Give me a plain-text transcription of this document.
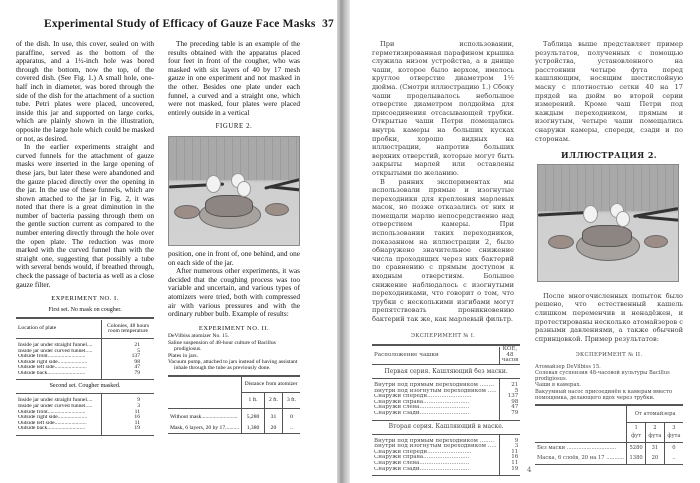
Experimental Study of Efficacy of Gauze Face Masks 37

of the dish. In use, this cover, sealed on with paraffine, served as the bottom of the apparatus, and a 1½-inch hole was bored through the bottom, now the top, of the covered dish. (See Fig. 1.) A small hole, one-half inch in diameter, was bored through the side of the dish for the attachment of a suction tube. Petri plates were placed, uncovered, inside this jar and supported on large corks, which are plainly shown in the illustration, opposite the large hole which could be masked or not, as desired.

In the earlier experiments straight and curved funnels for the attachment of gauze masks were inserted in the large opening of these jars, but later these were abandoned and the gauze placed directly over the opening in the jar. In the use of these funnels, which are shown attached to the jar in Fig. 2, it was noted that there is a great diminution in the number of bacteria passing through them on the gentle suction current as compared to the number entering directly through the hole over the open plate. The reduction was more marked with the curved funnel than with the straight one, suggesting that possibly a tube with several bends would, if breathed through, check the passage of bacteria as well as a close gauze filter.

EXPERIMENT NO. I.
First set. No mask on cougher.

Location of plate	Colonies, 48 hours room temperature
Inside jar under straight funnel....	21
Inside jar under curved funnel.....	5
Outside front...........................	137
Outside right side.....................	98
Outside left side.......................	47
Outside back...........................	79
Second set. Cougher masked.	
Inside jar under straight funnel....	9
Inside jar under curved funnel.....	3
Outside front...........................	11
Outside right side.....................	16
Outside left side.......................	11
Outside back...........................	19

The preceding table is an example of the results obtained with the apparatus placed four feet in front of the cougher, who was masked with six layers of 40 by 17 mesh gauze in one experiment and not masked in the other. Besides one plate under each funnel, a curved and a straight one, which were not masked, four plates were placed entirely outside in a vertical

FIGURE 2.

position, one in front of, one behind, and one on each side of the jar.

After numerous other experiments, it was decided that the coughing process was too variable and uncertain, and various types of atomizers were tried, both with compressed air with various pressures and with the ordinary rubber bulb. Example of results:

EXPERIMENT NO. II.

DeVilbiss atomizer No. 15.

Saline suspension of 48-hour culture of Bacillus prodigiosus.

Plates in jars.

Vacuum pump, attached to jars instead of having assistant inhale through the tube as previously done.

	Distance from atomizer		
	1 ft.	2 ft.	3 ft.
Without mask..........................	5,280	31	0
Mask, 6 layers, 20 by 17..........	1,380	20	..

При использовании, герметизированная парафином крышка служила низом устройства, а в днище чаши, которое было верхом, имелось круглое отверстие диаметром 1½ дюйма. (Смотри иллюстрацию 1.) Сбоку чаши проделывалось небольшое отверстие диаметром полдюйма для присоединения отсасывающей трубки. Открытые чаши Петри помещались внутрь камеры на больших кусках пробки, хорошо видных на иллюстрации, напротив больших верхних отверстий, которые могут быть закрыты марлей или оставлены открытыми по желанию.

В ранних экспериментах мы использовали прямые и изогнутые переходники для крепления марлевых масок, но позже отказались от них и помещали марлю непосредственно над отверстием камеры. При использовании таких переходников, показанном на иллюстрации 2, было обнаружено значительное снижение числа проходящих через них бактерий по сравнению с прямым доступом к входным отверстиям. Большее снижение наблюдалось с изогнутыми переходниками, что говорит о том, что трубки с несколькими изгибами могут препятствовать проникновению бактерий так же, как марлевый фильтр.

ЭКСПЕРИМЕНТ № I.

Расположение чашки	КОЕ, 48 часов
Первая серия. Кашляющий без маски.	
Внутри под прямым переходником ........	21
Внутри под изогнутым переходником .....	5
Снаружи спереди.........................	137
Снаружи справа..........................	98
Снаружи слева............................	47
Снаружи сзади............................	79
Вторая серия. Кашляющий в маске.	
Внутри под прямым переходником ........	9
Внутри под изогнутым переходником .....	3
Снаружи спереди.........................	11
Снаружи справа..........................	16
Снаружи слева............................	11
Снаружи сзади............................	19

Таблица выше представляет пример результатов, полученных с помощью устройства, установленного на расстоянии четыре фута перед кашляющим, носящим шестислойную маску с плотностью сетки 40 на 17 прядей на дюйм во второй серии измерений. Кроме чаш Петри под каждым переходником, прямым и изогнутым, четыре чаши помещались снаружи камеры, спереди, сзади и по сторонам.

ИЛЛЮСТРАЦИЯ 2.

После многочисленных попыток было решено, что естественный кашель слишком переменчив и ненадёжен, и протестированы несколько атомайзеров с разными давлениями, а также обычной спринцовкой. Пример результатов:

ЭКСПЕРИМЕНТ № II.

Атомайзер DeVilbiss 15.

Солевая суспензия 48-часовой культуры Bacillus prodigiosus.

Чаши в камерах.

Вакуумный насос присоединён к камерам вместо помощника, делающего вдох через трубки.

	От атомайзера		
	1 фут	2 фута	3 фута
Без маски ..............................	5280	31	0
Маска, 6 слоёв, 20 на 17 ...........	1380	20	..
4
